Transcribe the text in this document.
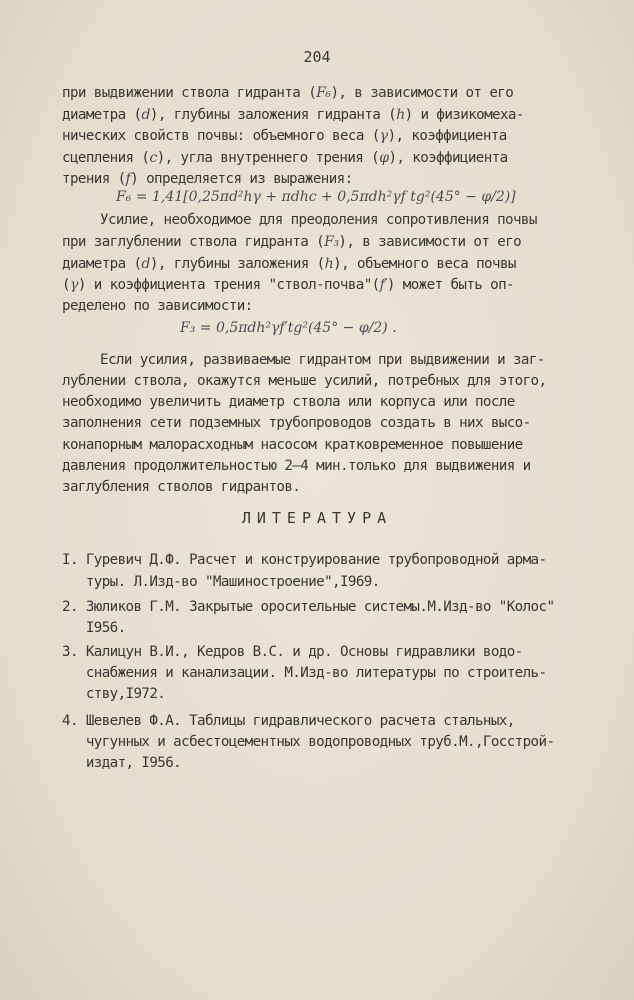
204
при выдвижении ствола гидранта (F₆), в зависимости от его
диаметра (d), глубины заложения гидранта (h) и физикомеха-
нических свойств почвы: объемного веса (γ), коэффициента
сцепления (c), угла внутреннего трения (φ), коэффициента
трения (f) определяется из выражения:
F₆ = 1,41[0,25πd²hγ + πdhc + 0,5πdh²γf tg²(45° − φ/2)]
Усилие, необходимое для преодоления сопротивления почвы
при заглублении ствола гидранта (F₃), в зависимости от его
диаметра (d), глубины заложения (h), объемного веса почвы
(γ) и коэффициента трения "ствол-почва"(f′) может быть оп-
ределено по зависимости:
F₃ = 0,5πdh²γf′tg²(45° − φ/2) .
Если усилия, развиваемые гидрантом при выдвижении и заг-
лублении ствола, окажутся меньше усилий, потребных для этого,
необходимо увеличить диаметр ствола или корпуса или после
заполнения сети подземных трубопроводов создать в них высо-
конапорным малорасходным насосом кратковременное повышение
давления продолжительностью 2–4 мин.только для выдвижения и
заглубления стволов гидрантов.
ЛИТЕРАТУРА
I. Гуревич Д.Ф. Расчет и конструирование трубопроводной арма-
туры. Л.Изд-во "Машиностроение",I969.
2. Зюликов Г.М. Закрытые оросительные системы.М.Изд-во "Колос"
I956.
3. Калицун В.И., Кедров В.С. и др. Основы гидравлики водо-
снабжения и канализации. М.Изд-во литературы по строитель-
ству,I972.
4. Шевелев Ф.А. Таблицы гидравлического расчета стальных,
чугунных и асбестоцементных водопроводных труб.М.,Госстрой-
издат, I956.
